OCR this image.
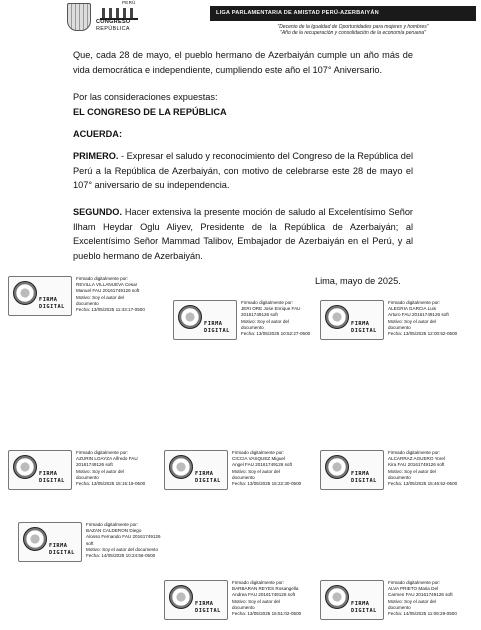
PERÚ
CONGRESO
REPÚBLICA
LIGA PARLAMENTARIA DE AMISTAD PERÚ-AZERBAIYÁN
"Decenio de la Igualdad de Oportunidades para mujeres y hombres"
"Año de la recuperación y consolidación de la economía peruana"
Que, cada 28 de mayo, el pueblo hermano de Azerbaiyán cumple un año más de vida democrática e independiente, cumpliendo este año el 107° Aniversario.
Por las consideraciones expuestas:
EL CONGRESO DE LA REPÚBLICA
ACUERDA:
PRIMERO. - Expresar el saludo y reconocimiento del Congreso de la República del Perú a la República de Azerbaiyán, con motivo de celebrarse este 28 de mayo el 107° aniversario de su independencia.
SEGUNDO. Hacer extensiva la presente moción de saludo al Excelentísimo Señor Ilham Heydar Oglu Aliyev, Presidente de la República de Azerbaiyán; al Excelentísimo Señor Mammad Talibov, Embajador de Azerbaiyán en el Perú, y al pueblo hermano de Azerbaiyán.
Lima, mayo de 2025.
FIRMA
DIGITAL
Firmado digitalmente por:
REVILLA VILLANUEVA Cesar
Manuel FAU 20161749126 soft
Motivo: Soy el autor del
documento
Fecha: 13/05/2025 11:43:17-0500
FIRMA
DIGITAL
Firmado digitalmente por:
JERI ORE Jose Enrique FAU
20161749126 soft
Motivo: Soy el autor del
documento
Fecha: 13/05/2025 10:52:27-0500
FIRMA
DIGITAL
Firmado digitalmente por:
ALEGRIA GARCIA Luis
Arturo FAU 20161749126 soft
Motivo: Soy el autor del
documento
Fecha: 13/05/2025 12:00:52-0500
FIRMA
DIGITAL
Firmado digitalmente por:
AZURIN LOAYZA Alfredo FAU
20161749126 soft
Motivo: Soy el autor del
documento
Fecha: 13/05/2025 15:15:19-0500
FIRMA
DIGITAL
Firmado digitalmente por:
CICCIA VASQUEZ Miguel
Angel FAU 20161749126 soft
Motivo: Soy el autor del
documento
Fecha: 13/05/2025 15:22:30-0500
FIRMA
DIGITAL
Firmado digitalmente por:
ALCARRAZ AGUERO Yorel
Kira FAU 20161749126 soft
Motivo: Soy el autor del
documento
Fecha: 13/05/2025 15:46:52-0500
FIRMA
DIGITAL
Firmado digitalmente por:
BAZAN CALDERON Diego
Alonso Fernando FAU 20161749126
soft
Motivo: Soy el autor del documento
Fecha: 14/05/2025 10:24:56-0500
FIRMA
DIGITAL
Firmado digitalmente por:
BARBARAN REYES Rosangella
Andrea FAU 20161749126 soft
Motivo: Soy el autor del
documento
Fecha: 13/05/2025 15:51:02-0500
FIRMA
DIGITAL
Firmado digitalmente por:
ALVA PRIETO Maria Del
Carmen FAU 20161749126 soft
Motivo: Soy el autor del
documento
Fecha: 14/05/2025 11:09:29-0500
